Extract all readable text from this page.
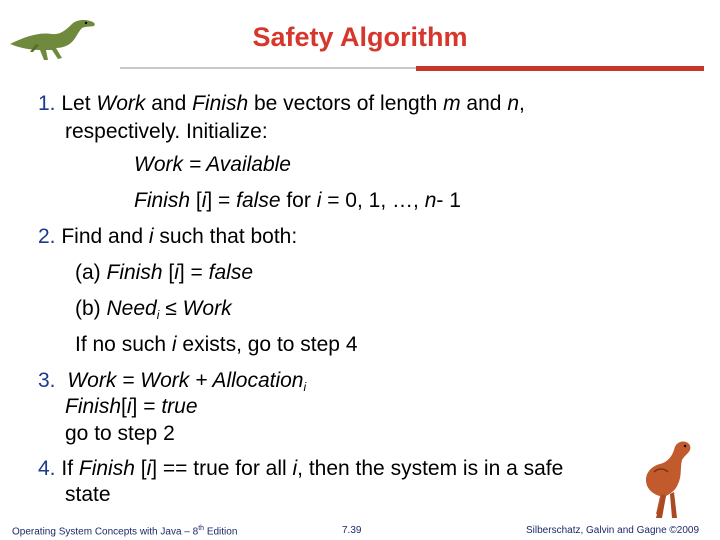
Safety Algorithm
1. Let Work and Finish be vectors of length m and n,
respectively. Initialize:
Work = Available
Finish [i] = false for i = 0, 1, …, n- 1
2. Find and i such that both:
(a) Finish [i] = false
(b) Need$_i$ ≤ Work
If no such i exists, go to step 4
3. Work = Work + Allocation$_i$
Finish[i] = true
go to step 2
4. If Finish [i] == true for all i, then the system is in a safe
state
Operating System Concepts with Java – 8th Edition	7.39	Silberschatz, Galvin and Gagne ©2009
